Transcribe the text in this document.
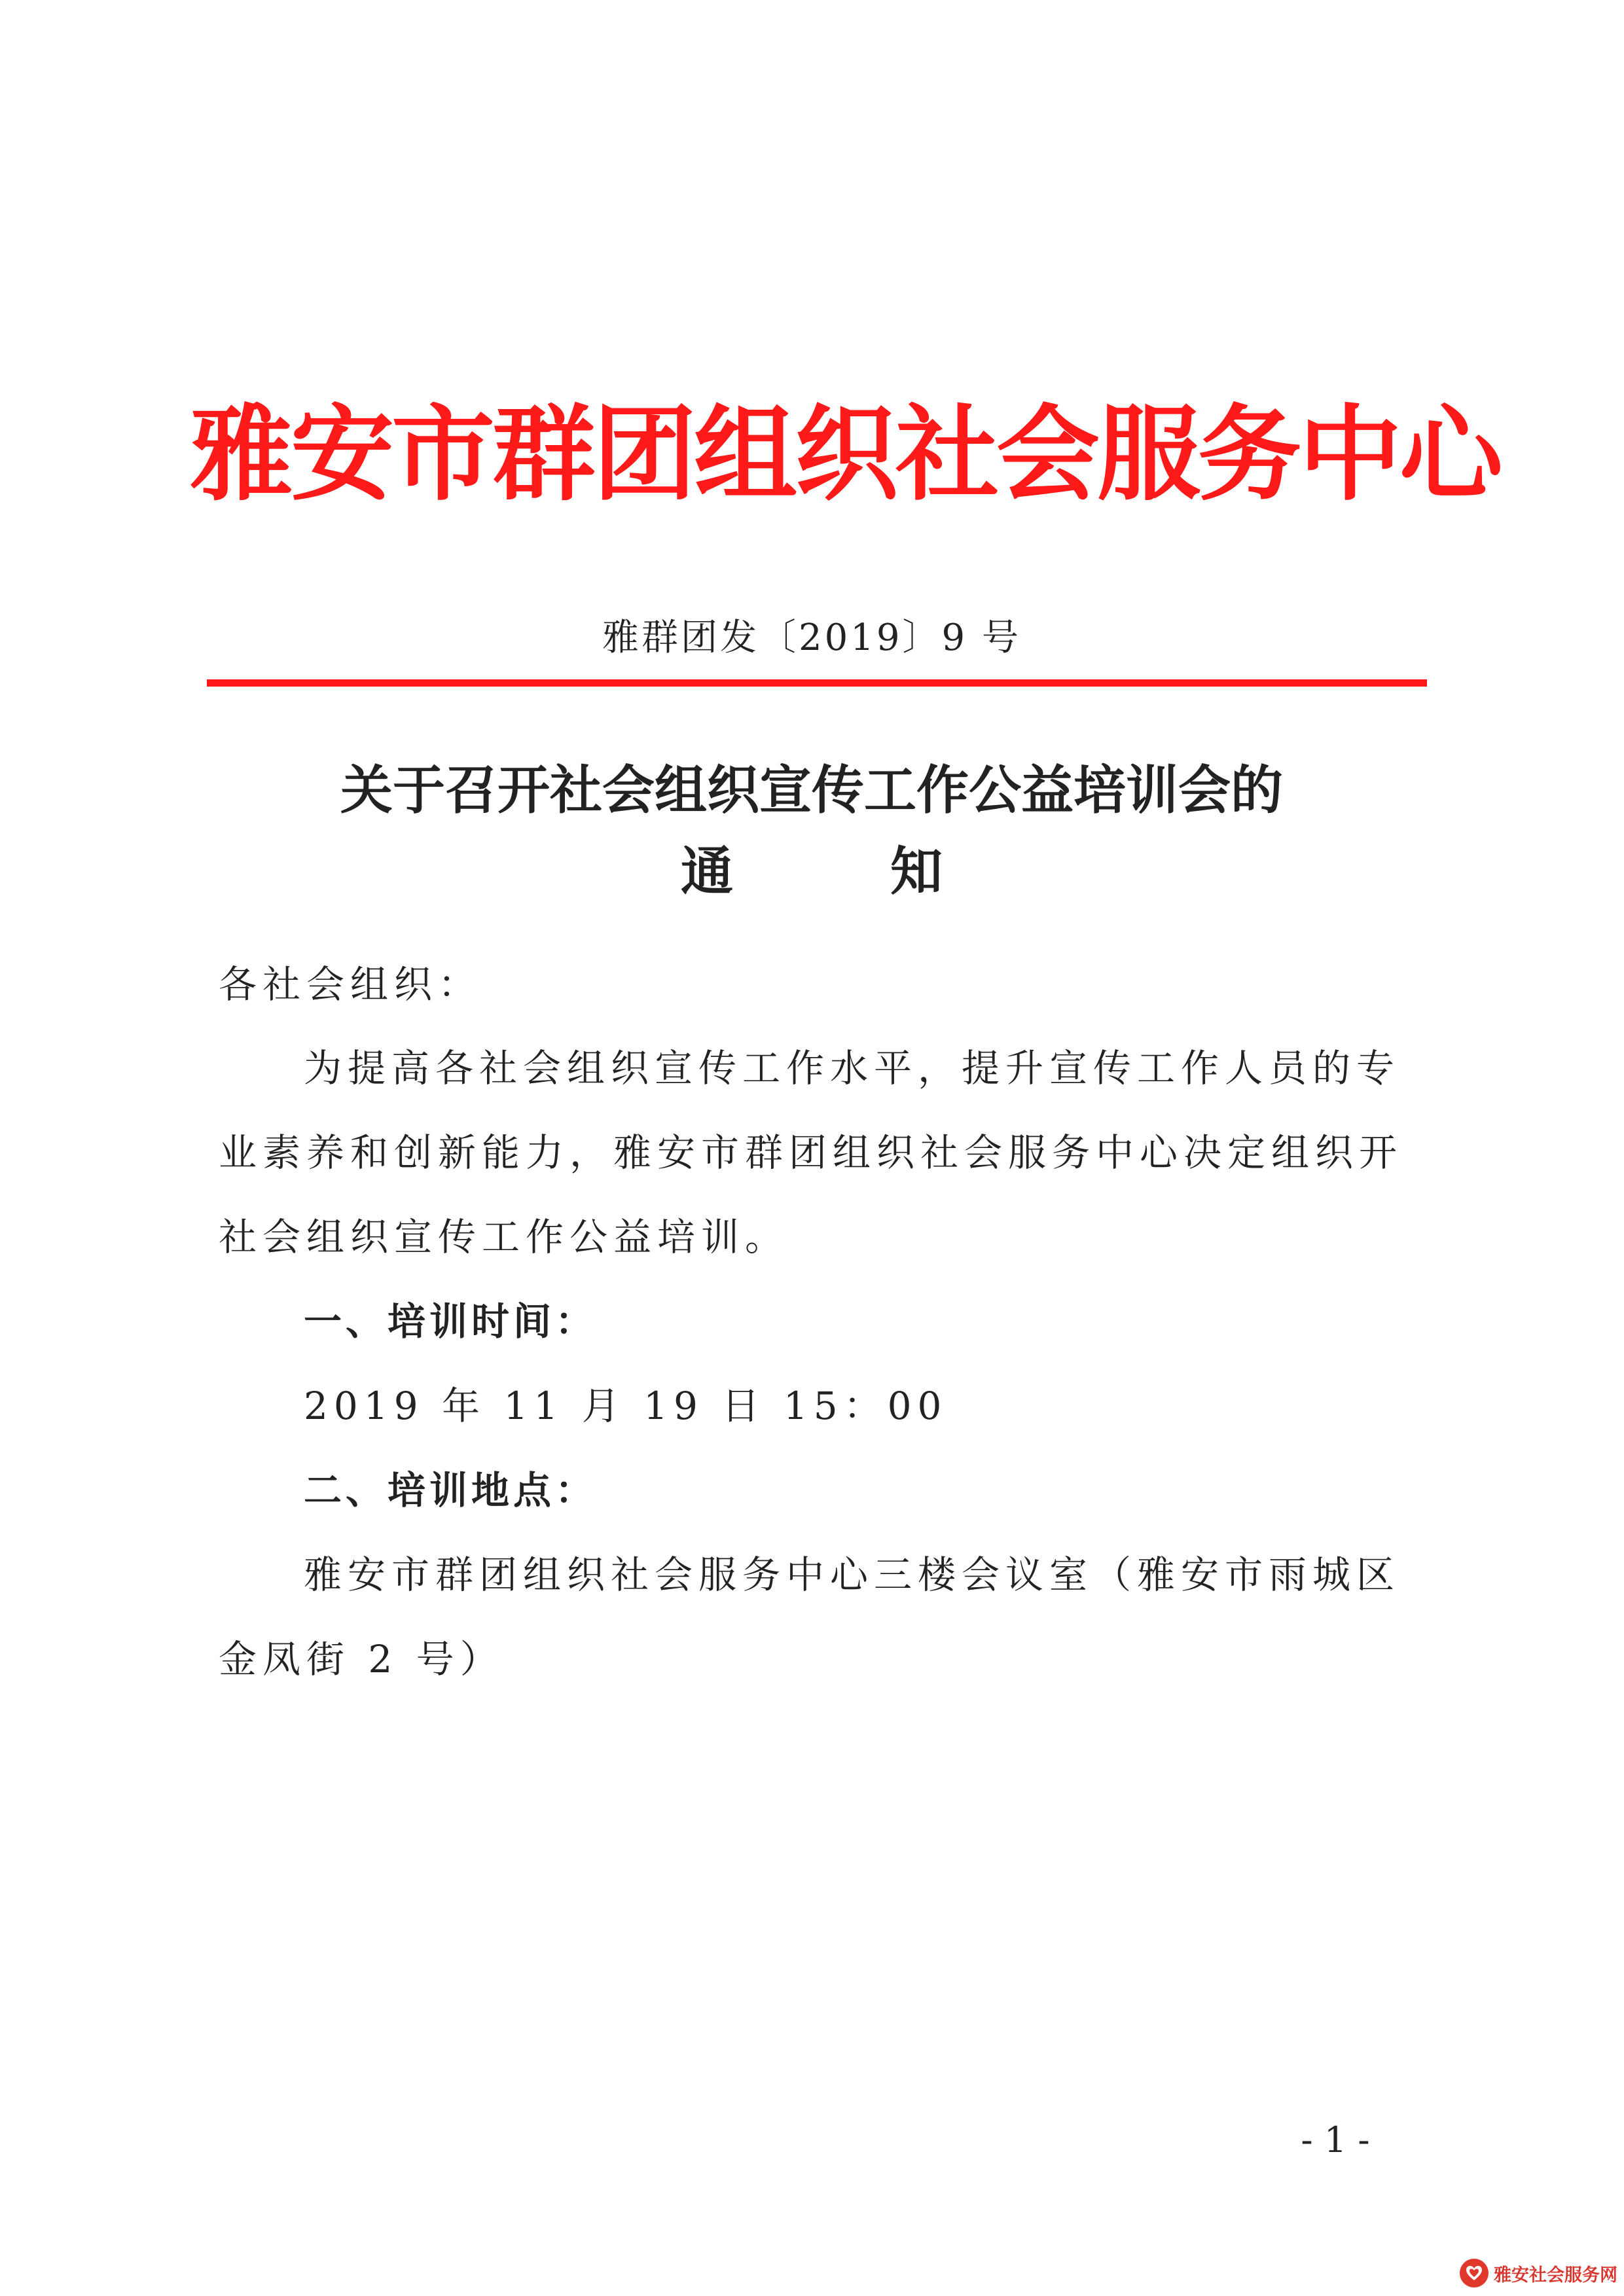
雅安市群团组织社会服务中心
雅群团发〔2019〕9 号
关于召开社会组织宣传工作公益培训会的
通	知

各社会组织：

为提高各社会组织宣传工作水平，提升宣传工作人员的专

业素养和创新能力，雅安市群团组织社会服务中心决定组织开

社会组织宣传工作公益培训。

一、培训时间：

2019 年 11 月 19 日 15：00

二、培训地点：

雅安市群团组织社会服务中心三楼会议室（雅安市雨城区

金凤街 2 号）

- 1 -
雅安社会服务网
